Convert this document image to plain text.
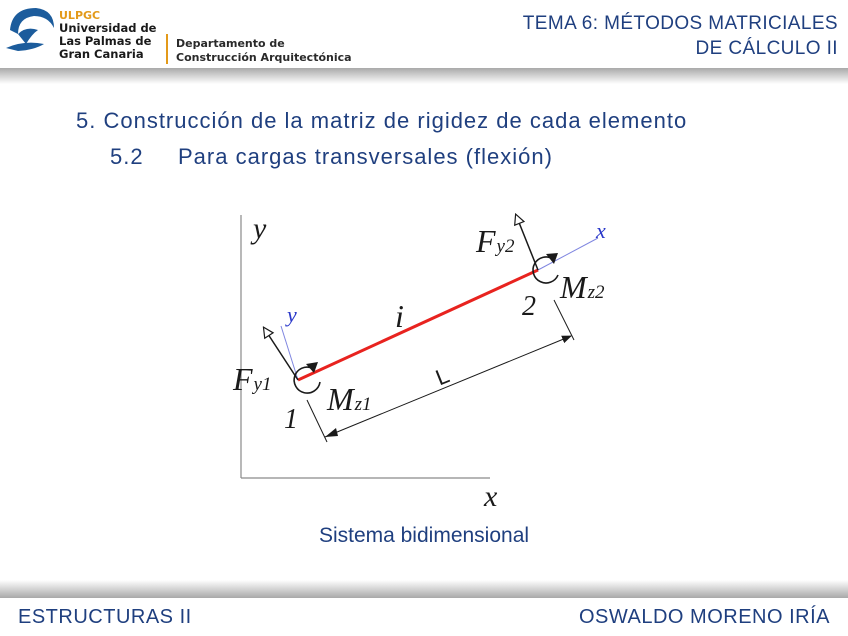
ULPGC
Universidad de
Las Palmas de
Gran Canaria
Departamento de
Construcción Arquitectónica
TEMA 6: MÉTODOS MATRICIALES
DE CÁLCULO II
5. Construcción de la matriz de rigidez de cada elemento
5.2 Para cargas transversales (flexión)
y
x
x
y	i
L
1
Fy1 Mz1
2
Fy2
Mz2
Sistema bidimensional
ESTRUCTURAS II	OSWALDO MORENO IRÍA
